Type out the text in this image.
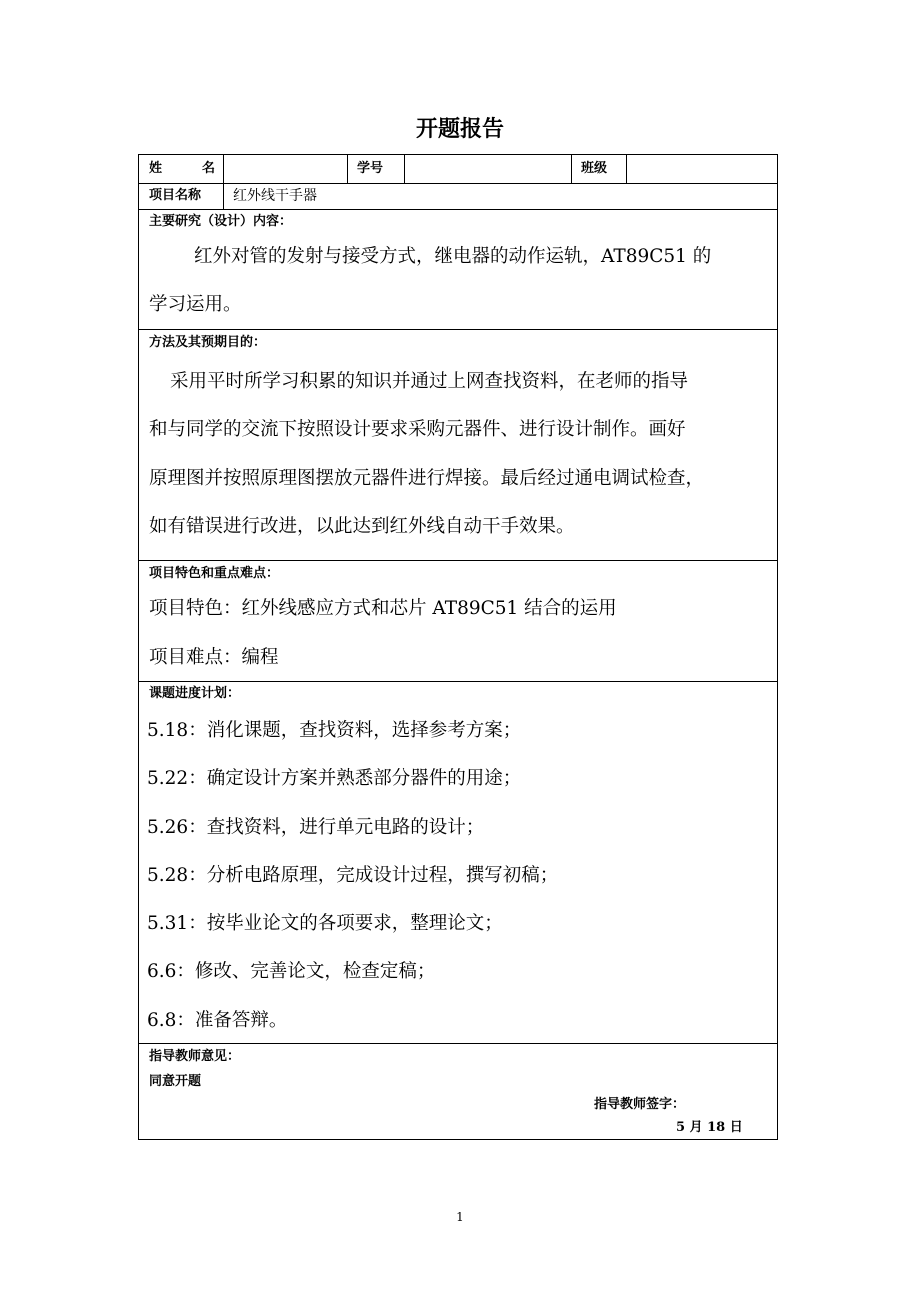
开题报告
姓　名	学号	班级
项目名称 红外线干手器
主要研究（设计）内容：
红外对管的发射与接受方式，继电器的动作运轨，AT89C51 的
学习运用。
方法及其预期目的：
采用平时所学习积累的知识并通过上网查找资料，在老师的指导
和与同学的交流下按照设计要求采购元器件、进行设计制作。画好
原理图并按照原理图摆放元器件进行焊接。最后经过通电调试检查，
如有错误进行改进，以此达到红外线自动干手效果。
项目特色和重点难点：
项目特色：红外线感应方式和芯片 AT89C51 结合的运用
项目难点：编程
课题进度计划：
5.18：消化课题，查找资料，选择参考方案；
5.22：确定设计方案并熟悉部分器件的用途；
5.26：查找资料，进行单元电路的设计；
5.28：分析电路原理，完成设计过程，撰写初稿；
5.31：按毕业论文的各项要求，整理论文；
6.6：修改、完善论文，检查定稿；
6.8：准备答辩。
指导教师意见：
同意开题
指导教师签字：
5 月 18 日
1
